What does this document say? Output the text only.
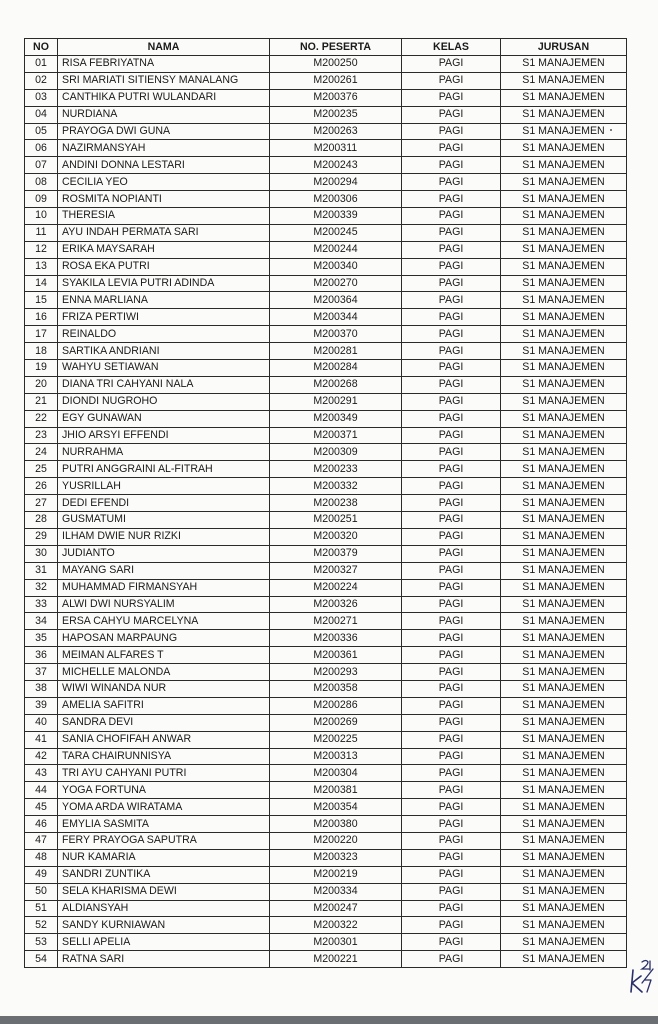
NO	NAMA	NO. PESERTA	KELAS	JURUSAN
01	RISA FEBRIYATNA	M200250	PAGI	S1 MANAJEMEN
02	SRI MARIATI SITIENSY MANALANG	M200261	PAGI	S1 MANAJEMEN
03	CANTHIKA PUTRI WULANDARI	M200376	PAGI	S1 MANAJEMEN
04	NURDIANA	M200235	PAGI	S1 MANAJEMEN
05	PRAYOGA DWI GUNA	M200263	PAGI	S1 MANAJEMEN
06	NAZIRMANSYAH	M200311	PAGI	S1 MANAJEMEN
07	ANDINI DONNA LESTARI	M200243	PAGI	S1 MANAJEMEN
08	CECILIA YEO	M200294	PAGI	S1 MANAJEMEN
09	ROSMITA NOPIANTI	M200306	PAGI	S1 MANAJEMEN
10	THERESIA	M200339	PAGI	S1 MANAJEMEN
11	AYU INDAH PERMATA SARI	M200245	PAGI	S1 MANAJEMEN
12	ERIKA MAYSARAH	M200244	PAGI	S1 MANAJEMEN
13	ROSA EKA PUTRI	M200340	PAGI	S1 MANAJEMEN
14	SYAKILA LEVIA PUTRI ADINDA	M200270	PAGI	S1 MANAJEMEN
15	ENNA MARLIANA	M200364	PAGI	S1 MANAJEMEN
16	FRIZA PERTIWI	M200344	PAGI	S1 MANAJEMEN
17	REINALDO	M200370	PAGI	S1 MANAJEMEN
18	SARTIKA ANDRIANI	M200281	PAGI	S1 MANAJEMEN
19	WAHYU SETIAWAN	M200284	PAGI	S1 MANAJEMEN
20	DIANA TRI CAHYANI NALA	M200268	PAGI	S1 MANAJEMEN
21	DIONDI NUGROHO	M200291	PAGI	S1 MANAJEMEN
22	EGY GUNAWAN	M200349	PAGI	S1 MANAJEMEN
23	JHIO ARSYI EFFENDI	M200371	PAGI	S1 MANAJEMEN
24	NURRAHMA	M200309	PAGI	S1 MANAJEMEN
25	PUTRI ANGGRAINI AL-FITRAH	M200233	PAGI	S1 MANAJEMEN
26	YUSRILLAH	M200332	PAGI	S1 MANAJEMEN
27	DEDI EFENDI	M200238	PAGI	S1 MANAJEMEN
28	GUSMATUMI	M200251	PAGI	S1 MANAJEMEN
29	ILHAM DWIE NUR RIZKI	M200320	PAGI	S1 MANAJEMEN
30	JUDIANTO	M200379	PAGI	S1 MANAJEMEN
31	MAYANG SARI	M200327	PAGI	S1 MANAJEMEN
32	MUHAMMAD FIRMANSYAH	M200224	PAGI	S1 MANAJEMEN
33	ALWI DWI NURSYALIM	M200326	PAGI	S1 MANAJEMEN
34	ERSA CAHYU MARCELYNA	M200271	PAGI	S1 MANAJEMEN
35	HAPOSAN MARPAUNG	M200336	PAGI	S1 MANAJEMEN
36	MEIMAN ALFARES T	M200361	PAGI	S1 MANAJEMEN
37	MICHELLE MALONDA	M200293	PAGI	S1 MANAJEMEN
38	WIWI WINANDA NUR	M200358	PAGI	S1 MANAJEMEN
39	AMELIA SAFITRI	M200286	PAGI	S1 MANAJEMEN
40	SANDRA DEVI	M200269	PAGI	S1 MANAJEMEN
41	SANIA CHOFIFAH ANWAR	M200225	PAGI	S1 MANAJEMEN
42	TARA CHAIRUNNISYA	M200313	PAGI	S1 MANAJEMEN
43	TRI AYU CAHYANI PUTRI	M200304	PAGI	S1 MANAJEMEN
44	YOGA FORTUNA	M200381	PAGI	S1 MANAJEMEN
45	YOMA ARDA WIRATAMA	M200354	PAGI	S1 MANAJEMEN
46	EMYLIA SASMITA	M200380	PAGI	S1 MANAJEMEN
47	FERY PRAYOGA SAPUTRA	M200220	PAGI	S1 MANAJEMEN
48	NUR KAMARIA	M200323	PAGI	S1 MANAJEMEN
49	SANDRI ZUNTIKA	M200219	PAGI	S1 MANAJEMEN
50	SELA KHARISMA DEWI	M200334	PAGI	S1 MANAJEMEN
51	ALDIANSYAH	M200247	PAGI	S1 MANAJEMEN
52	SANDY KURNIAWAN	M200322	PAGI	S1 MANAJEMEN
53	SELLI APELIA	M200301	PAGI	S1 MANAJEMEN
54	RATNA SARI	M200221	PAGI	S1 MANAJEMEN
